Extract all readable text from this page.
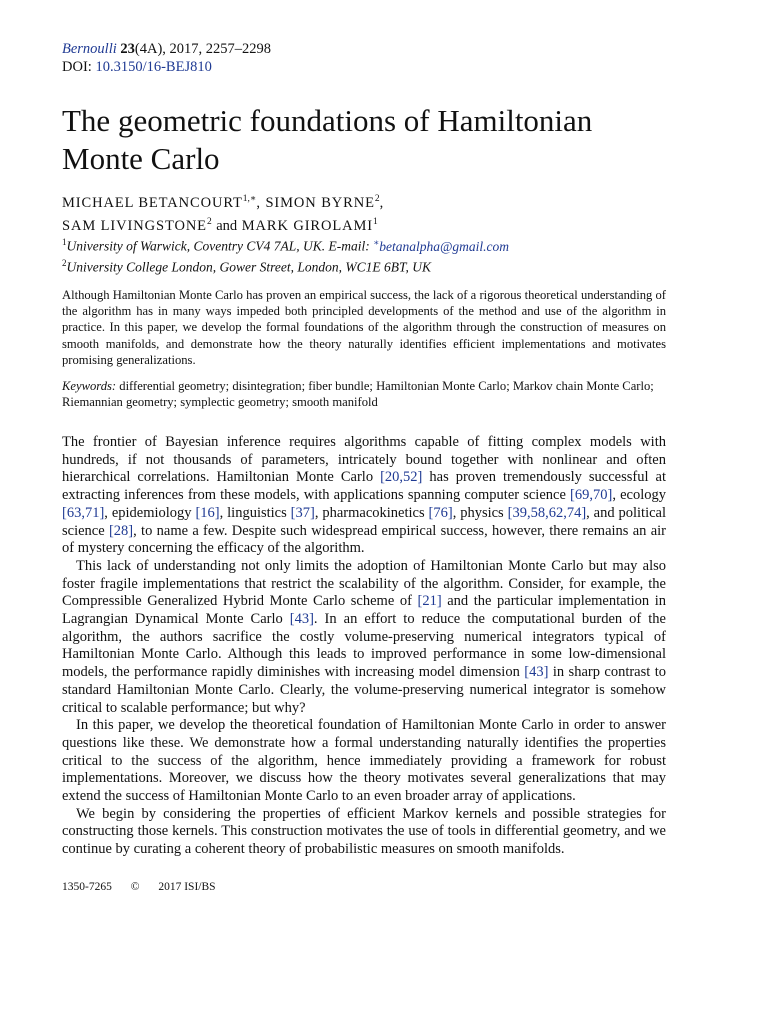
Bernoulli 23(4A), 2017, 2257–2298
DOI: 10.3150/16-BEJ810
The geometric foundations of Hamiltonian Monte Carlo
MICHAEL $BETANCOURT^{1,∗}$, SIMON BYRNE$^2$,
SAM LIVINGSTONE$^2$ and MARK GIROLAMI$^1$
$^1$University of Warwick, Coventry CV4 7AL, UK. E-mail: ∗betanalpha@gmail.com
$^2$University College London, Gower Street, London, WC1E 6BT, UK
Although Hamiltonian Monte Carlo has proven an empirical success, the lack of a rigorous theoretical understanding of the algorithm has in many ways impeded both principled developments of the method and use of the algorithm in practice. In this paper, we develop the formal foundations of the algorithm through the construction of measures on smooth manifolds, and demonstrate how the theory naturally identifies efficient implementations and motivates promising generalizations.
Keywords: differential geometry; disintegration; fiber bundle; Hamiltonian Monte Carlo; Markov chain Monte Carlo; Riemannian geometry; symplectic geometry; smooth manifold

The frontier of Bayesian inference requires algorithms capable of fitting complex models with hundreds, if not thousands of parameters, intricately bound together with nonlinear and often hierarchical correlations. Hamiltonian Monte Carlo [20,52] has proven tremendously successful at extracting inferences from these models, with applications spanning computer science [69,70], ecology [63,71], epidemiology [16], linguistics [37], pharmacokinetics [76], physics [39,58,62,74], and political science [28], to name a few. Despite such widespread empirical success, however, there remains an air of mystery concerning the efficacy of the algorithm.

This lack of understanding not only limits the adoption of Hamiltonian Monte Carlo but may also foster fragile implementations that restrict the scalability of the algorithm. Consider, for example, the Compressible Generalized Hybrid Monte Carlo scheme of [21] and the particular implementation in Lagrangian Dynamical Monte Carlo [43]. In an effort to reduce the computational burden of the algorithm, the authors sacrifice the costly volume-preserving numerical integrators typical of Hamiltonian Monte Carlo. Although this leads to improved performance in some low-dimensional models, the performance rapidly diminishes with increasing model dimension [43] in sharp contrast to standard Hamiltonian Monte Carlo. Clearly, the volume-preserving numerical integrator is somehow critical to scalable performance; but why?

In this paper, we develop the theoretical foundation of Hamiltonian Monte Carlo in order to answer questions like these. We demonstrate how a formal understanding naturally identifies the properties critical to the success of the algorithm, hence immediately providing a framework for robust implementations. Moreover, we discuss how the theory motivates several generalizations that may extend the success of Hamiltonian Monte Carlo to an even broader array of applications.

We begin by considering the properties of efficient Markov kernels and possible strategies for constructing those kernels. This construction motivates the use of tools in differential geometry, and we continue by curating a coherent theory of probabilistic measures on smooth manifolds.

1350-7265 © 2017 ISI/BS
